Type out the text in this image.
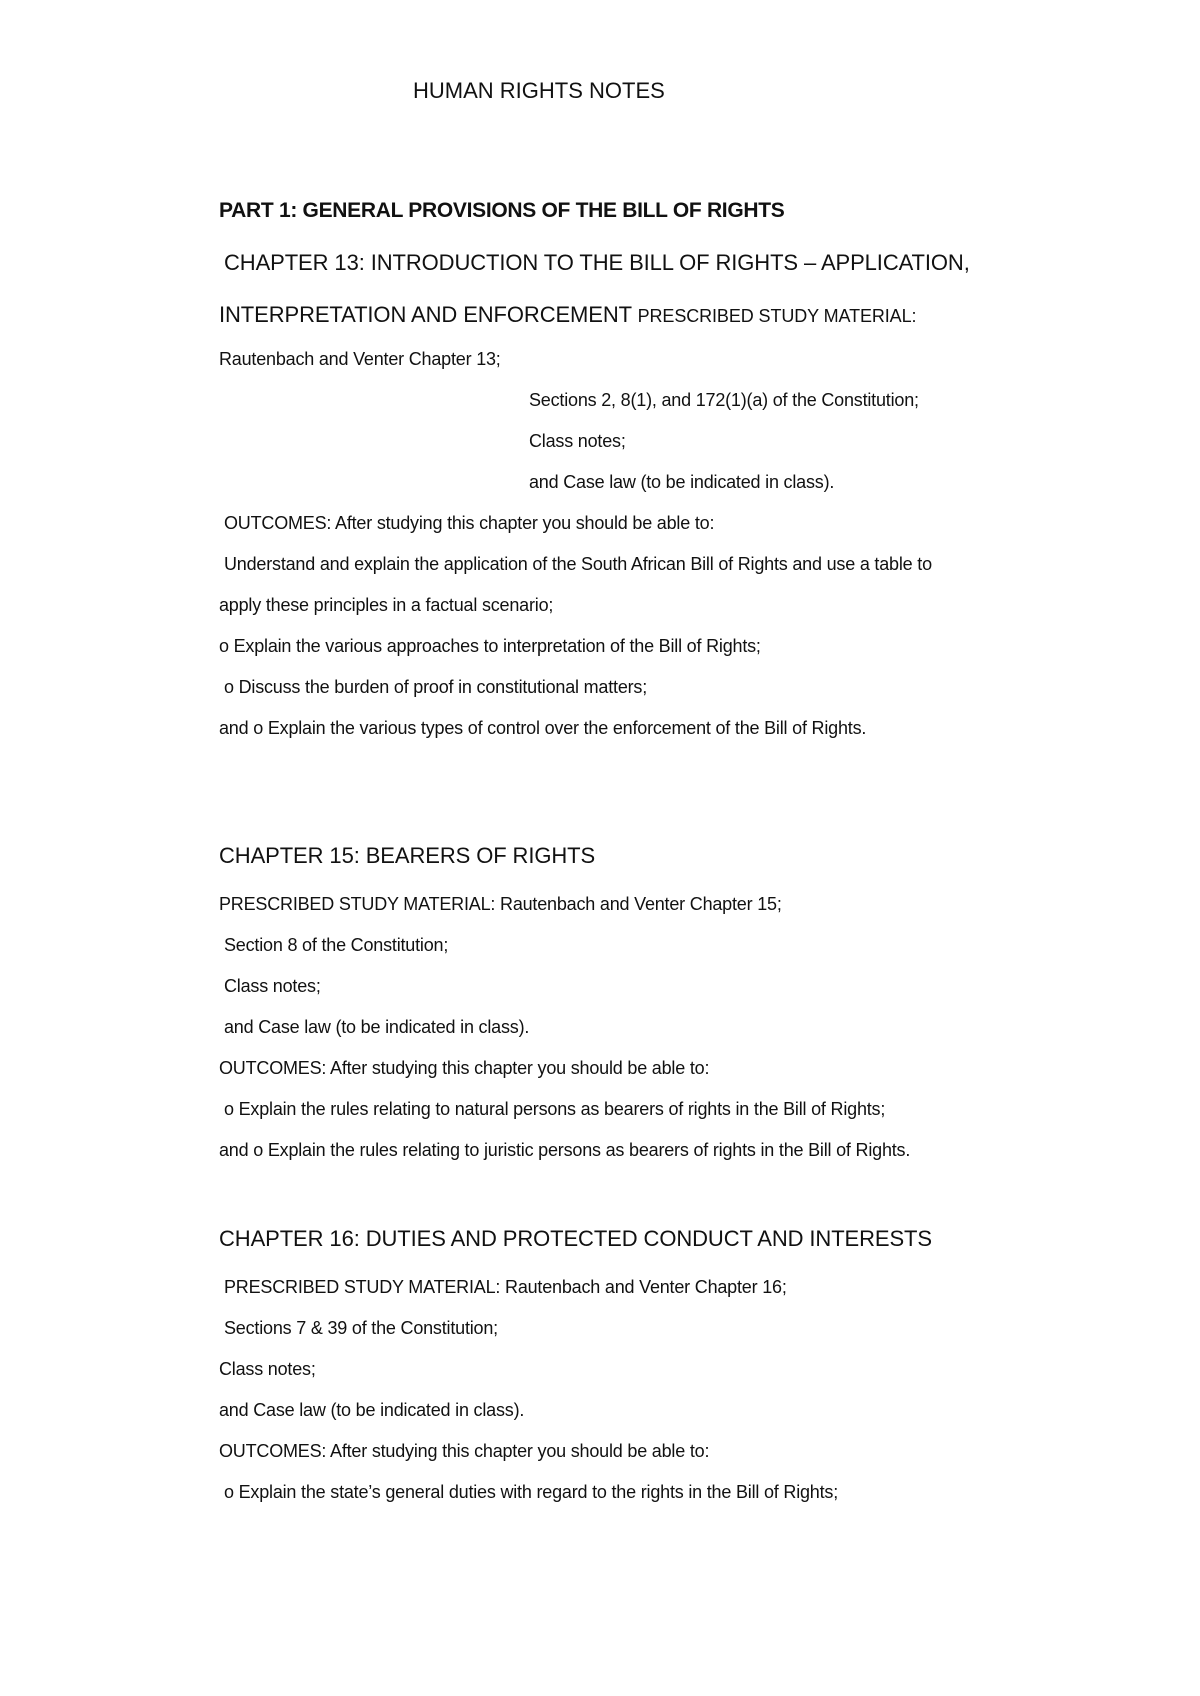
HUMAN RIGHTS NOTES
PART 1: GENERAL PROVISIONS OF THE BILL OF RIGHTS
CHAPTER 13: INTRODUCTION TO THE BILL OF RIGHTS – APPLICATION,
INTERPRETATION AND ENFORCEMENT PRESCRIBED STUDY MATERIAL:
Rautenbach and Venter Chapter 13;
Sections 2, 8(1), and 172(1)(a) of the Constitution;
Class notes;
and Case law (to be indicated in class).
OUTCOMES: After studying this chapter you should be able to:
Understand and explain the application of the South African Bill of Rights and use a table to
apply these principles in a factual scenario;
o Explain the various approaches to interpretation of the Bill of Rights;
o Discuss the burden of proof in constitutional matters;
and o Explain the various types of control over the enforcement of the Bill of Rights.
CHAPTER 15: BEARERS OF RIGHTS
PRESCRIBED STUDY MATERIAL: Rautenbach and Venter Chapter 15;
Section 8 of the Constitution;
Class notes;
and Case law (to be indicated in class).
OUTCOMES: After studying this chapter you should be able to:
o Explain the rules relating to natural persons as bearers of rights in the Bill of Rights;
and o Explain the rules relating to juristic persons as bearers of rights in the Bill of Rights.
CHAPTER 16: DUTIES AND PROTECTED CONDUCT AND INTERESTS
PRESCRIBED STUDY MATERIAL: Rautenbach and Venter Chapter 16;
Sections 7 & 39 of the Constitution;
Class notes;
and Case law (to be indicated in class).
OUTCOMES: After studying this chapter you should be able to:
o Explain the state’s general duties with regard to the rights in the Bill of Rights;
